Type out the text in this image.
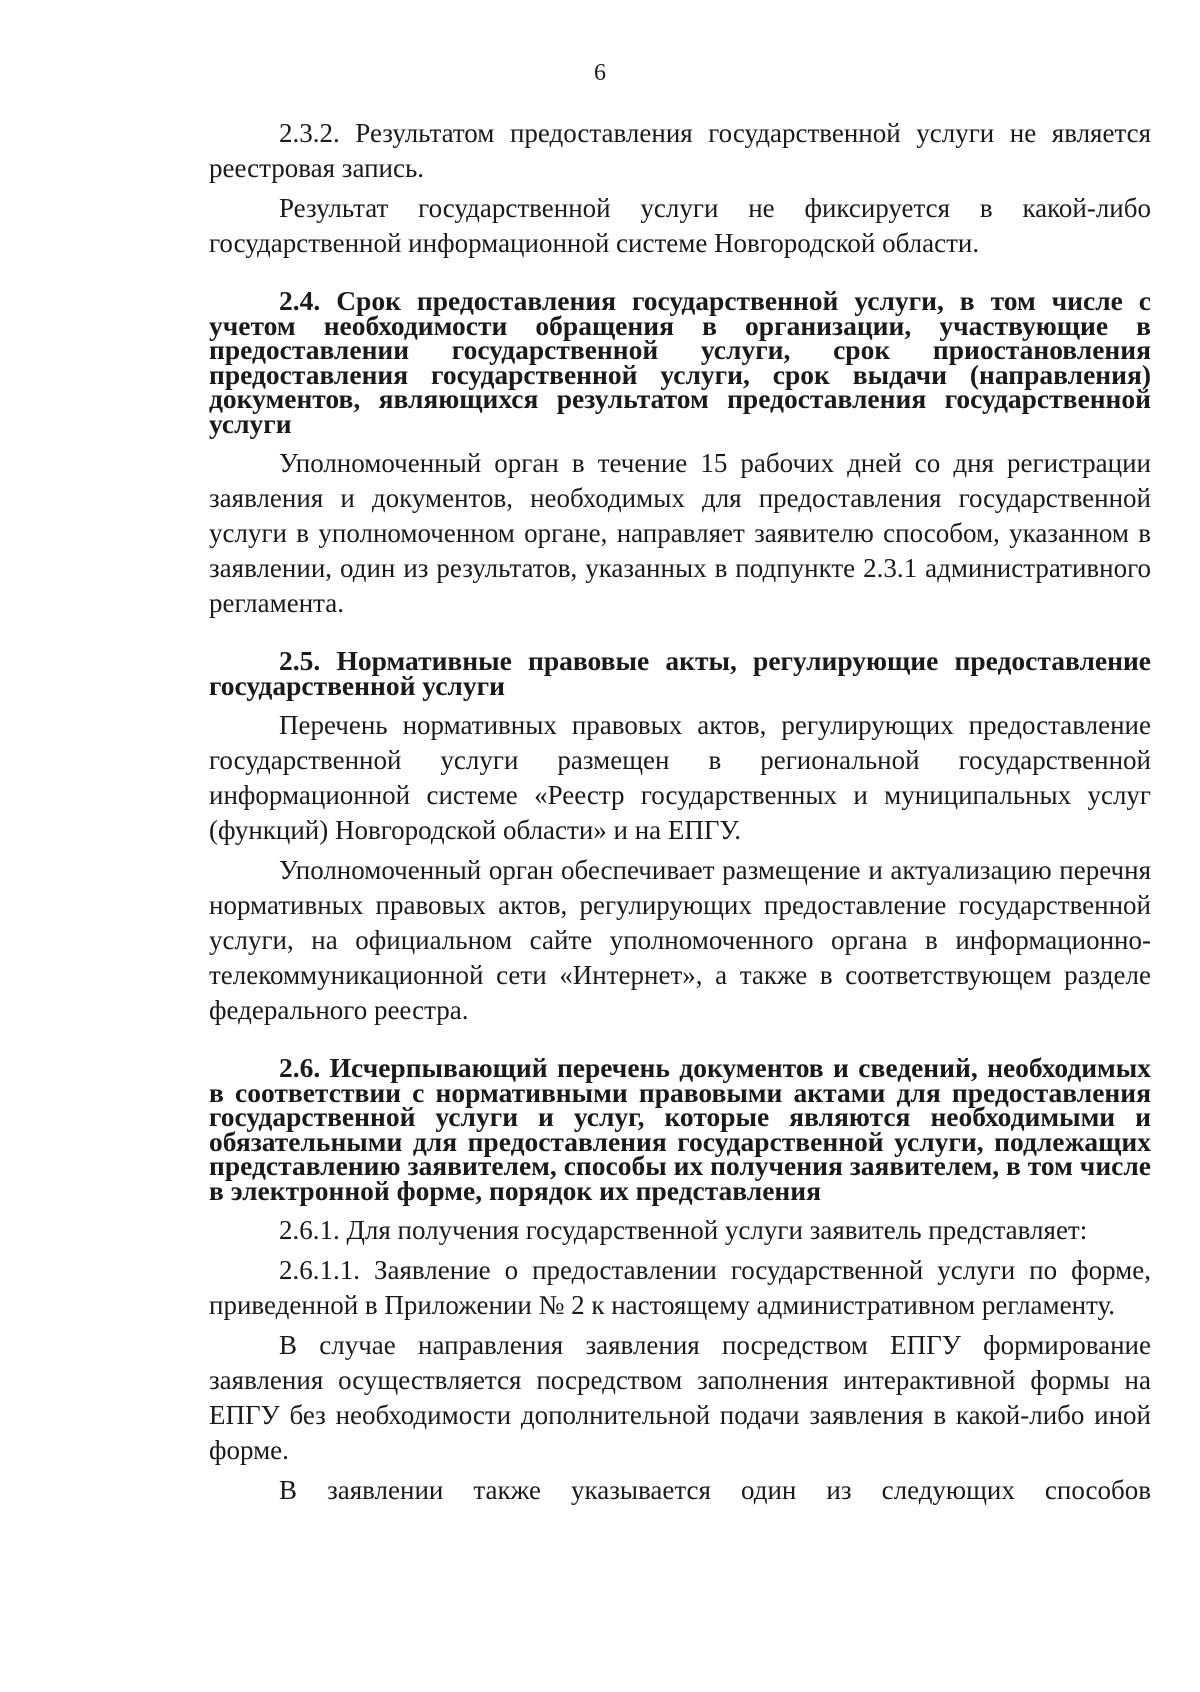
6

2.3.2. Результатом предоставления государственной услуги не является реестровая запись.

Результат государственной услуги не фиксируется в какой-либо государственной информационной системе Новгородской области.

2.4. Срок предоставления государственной услуги, в том числе с учетом необходимости обращения в организации, участвующие в предоставлении государственной услуги, срок приостановления предоставления государственной услуги, срок выдачи (направления) документов, являющихся результатом предоставления государственной услуги

Уполномоченный орган в течение 15 рабочих дней со дня регистрации заявления и документов, необходимых для предоставления государственной услуги в уполномоченном органе, направляет заявителю способом, указанном в заявлении, один из результатов, указанных в подпункте 2.3.1 административного регламента.

2.5. Нормативные правовые акты, регулирующие предоставление государственной услуги

Перечень нормативных правовых актов, регулирующих предоставление государственной услуги размещен в региональной государственной информационной системе «Реестр государственных и муниципальных услуг (функций) Новгородской области» и на ЕПГУ.

Уполномоченный орган обеспечивает размещение и актуализацию перечня нормативных правовых актов, регулирующих предоставление государственной услуги, на официальном сайте уполномоченного органа в информационно-телекоммуникационной сети «Интернет», а также в соответствующем разделе федерального реестра.

2.6. Исчерпывающий перечень документов и сведений, необходимых в соответствии с нормативными правовыми актами для предоставления государственной услуги и услуг, которые являются необходимыми и обязательными для предоставления государственной услуги, подлежащих представлению заявителем, способы их получения заявителем, в том числе в электронной форме, порядок их представления

2.6.1. Для получения государственной услуги заявитель представляет:

2.6.1.1. Заявление о предоставлении государственной услуги по форме, приведенной в Приложении № 2 к настоящему административном регламенту.

В случае направления заявления посредством ЕПГУ формирование заявления осуществляется посредством заполнения интерактивной формы на ЕПГУ без необходимости дополнительной подачи заявления в какой-либо иной форме.

В заявлении также указывается один из следующих способов
